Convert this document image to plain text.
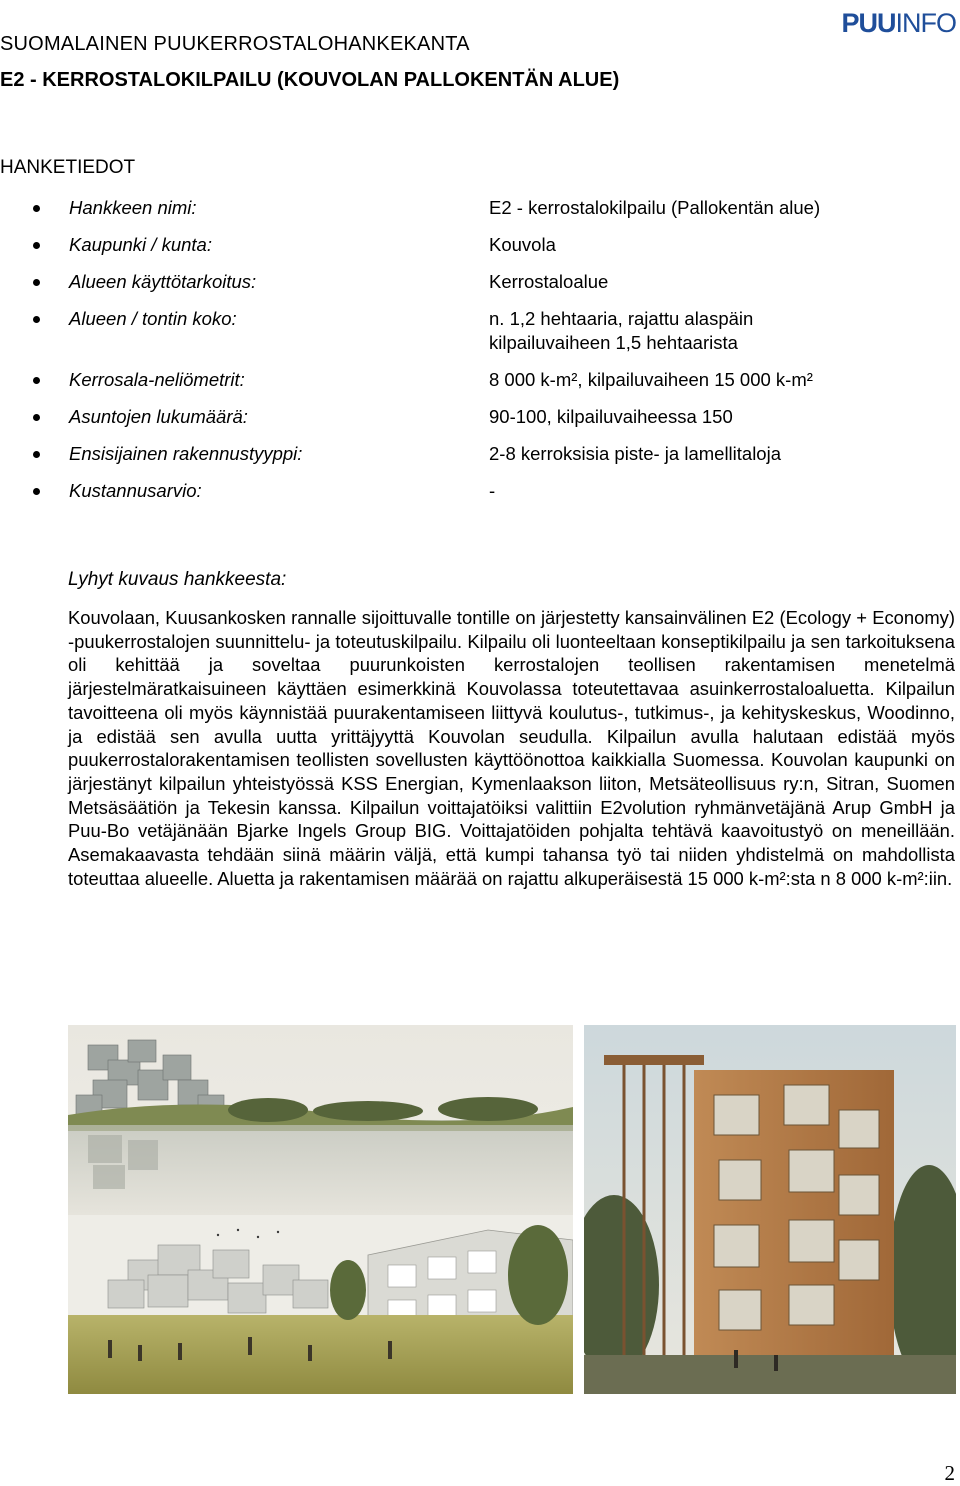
SUOMALAINEN PUUKERROSTALOHANKEKANTA
E2 - KERROSTALOKILPAILU (KOUVOLAN PALLOKENTÄN ALUE)
PUU INFO
HANKETIEDOT
Hankkeen nimi:	E2 - kerrostalokilpailu (Pallokentän alue)
Kaupunki / kunta:	Kouvola
Alueen käyttötarkoitus:	Kerrostaloalue
Alueen / tontin koko:	n. 1,2 hehtaaria, rajattu alaspäin
kilpailuvaiheen 1,5 hehtaarista
Kerrosala-neliömetrit:	8 000 k-m², kilpailuvaiheen 15 000 k-m²
Asuntojen lukumäärä:	90-100, kilpailuvaiheessa 150
Ensisijainen rakennustyyppi:	2-8 kerroksisia piste- ja lamellitaloja
Kustannusarvio:	-
Lyhyt kuvaus hankkeesta:
Kouvolaan, Kuusankosken rannalle sijoittuvalle tontille on järjestetty kansainvälinen E2 (Ecology + Economy) -puukerrostalojen suunnittelu- ja toteutuskilpailu. Kilpailu oli luonteeltaan konseptikilpailu ja sen tarkoituksena oli kehittää ja soveltaa puurunkoisten kerrostalojen teollisen rakentamisen menetelmä järjestelmäratkaisuineen käyttäen esimerkkinä Kouvolassa toteutettavaa asuinkerrostaloaluetta. Kilpailun tavoitteena oli myös käynnistää puurakentamiseen liittyvä koulutus-, tutkimus-, ja kehityskeskus, Woodinno, ja edistää sen avulla uutta yrittäjyyttä Kouvolan seudulla. Kilpailun avulla halutaan edistää myös puukerrostalorakentamisen teollisten sovellusten käyttöönottoa kaikkialla Suomessa. Kouvolan kaupunki on järjestänyt kilpailun yhteistyössä KSS Energian, Kymenlaakson liiton, Metsäteollisuus ry:n, Sitran, Suomen Metsäsäätiön ja Tekesin kanssa. Kilpailun voittajatöiksi valittiin E2volution ryhmänvetäjänä Arup GmbH ja Puu-Bo vetäjänään Bjarke Ingels Group BIG. Voittajatöiden pohjalta tehtävä kaavoitustyö on meneillään. Asemakaavasta tehdään siinä määrin väljä, että kumpi tahansa työ tai niiden yhdistelmä on mahdollista toteuttaa alueelle. Aluetta ja rakentamisen määrää on rajattu alkuperäisestä 15 000 k-m²:sta n 8 000 k-m²:iin.
2
